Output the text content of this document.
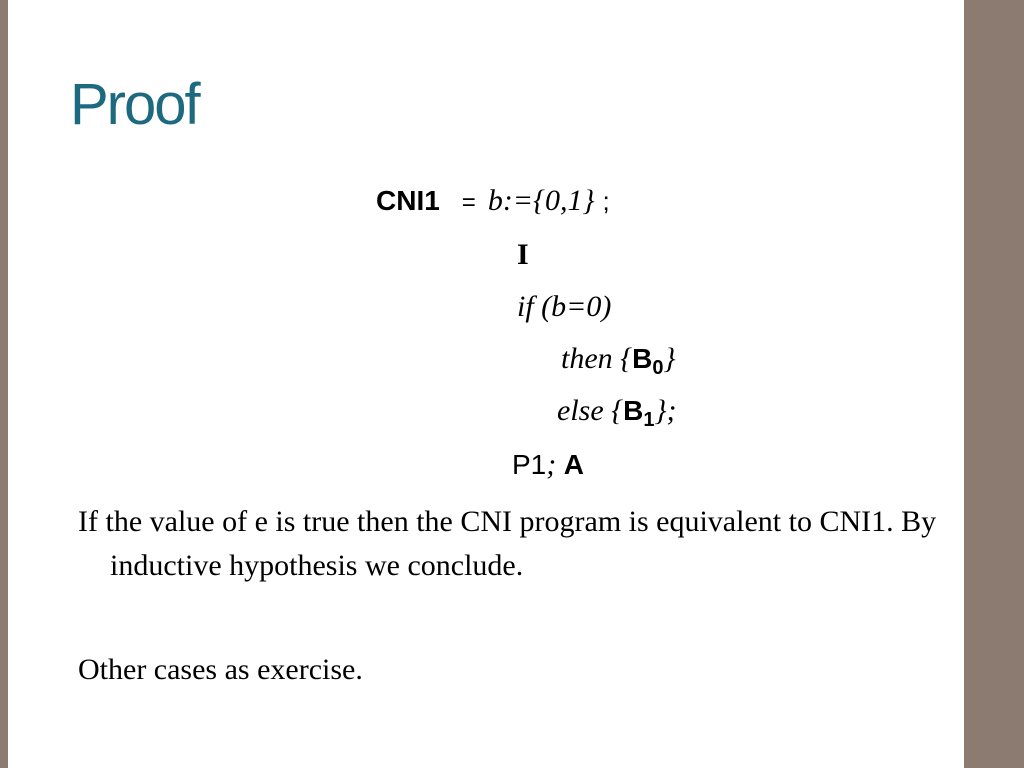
Proof
CNI1 = b:={0,1} ;
I
if (b=0)
then $\{B_0\}$
else $\{B_1\}$;
P1; A

If the value of e is true then the CNI program is equivalent to CNI1. By inductive hypothesis we conclude.

Other cases as exercise.
